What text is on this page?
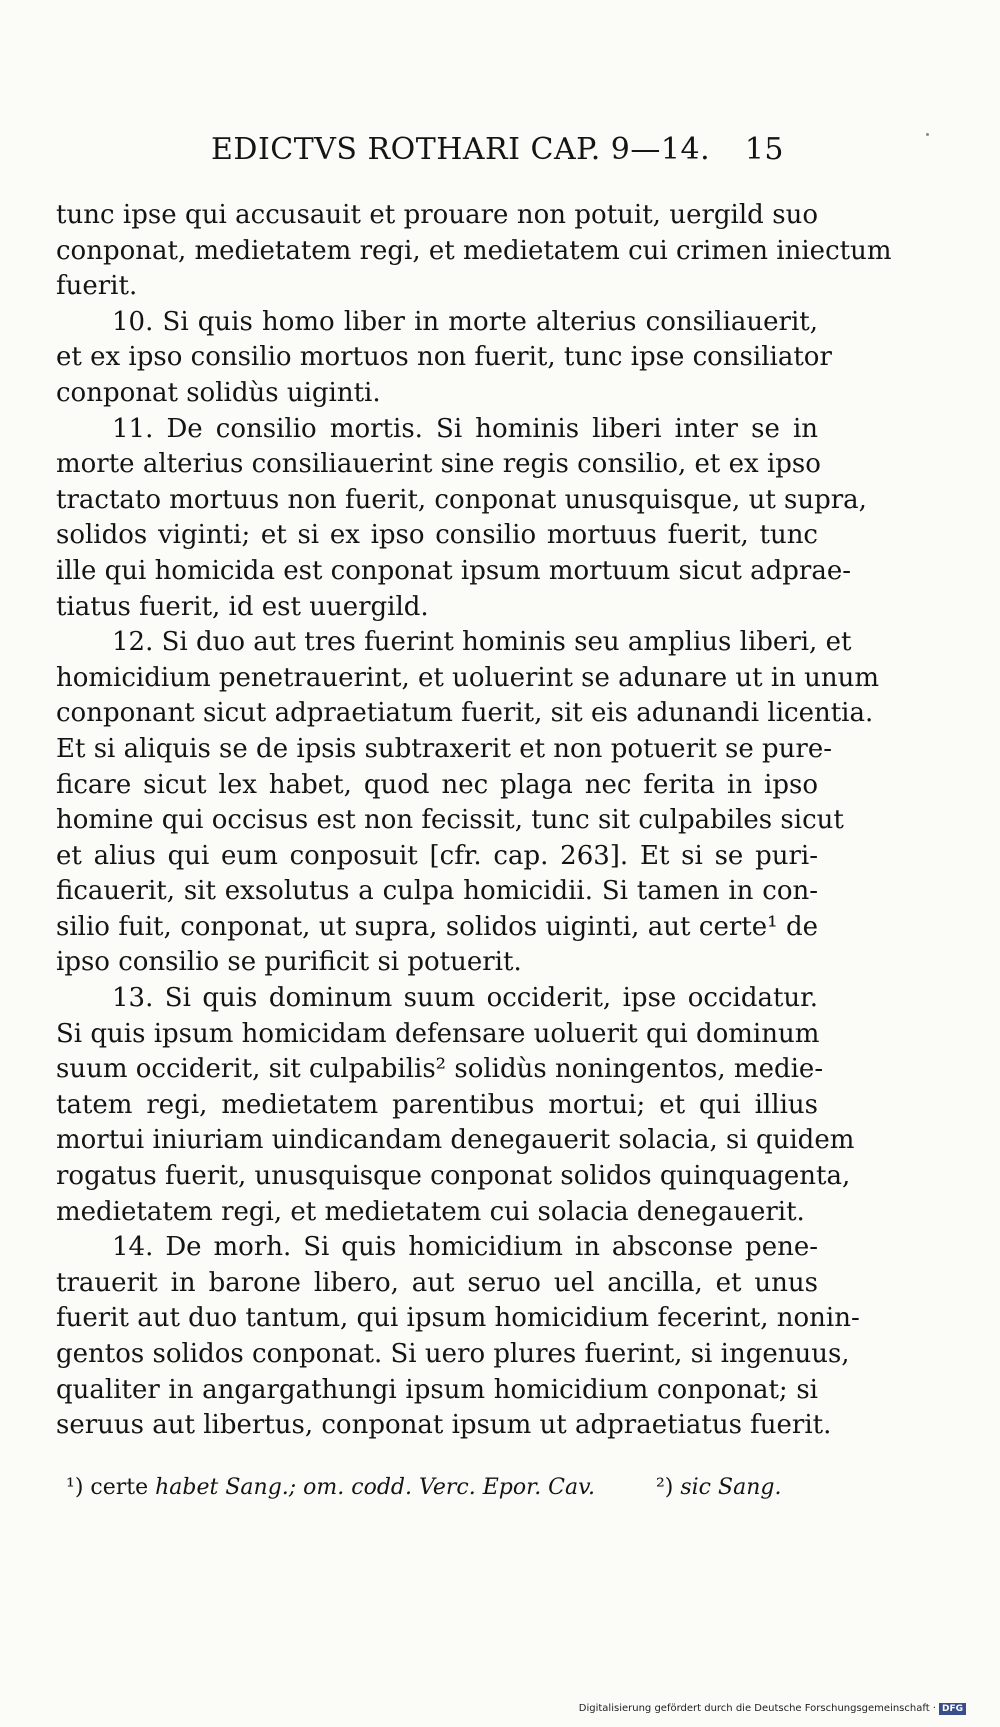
EDICTVS ROTHARI CAP. 9—14. 15
tunc ipse qui accusauit et prouare non potuit, uergild suo
conponat, medietatem regi, et medietatem cui crimen iniectum
fuerit.
10. Si quis homo liber in morte alterius consiliauerit,
et ex ipso consilio mortuos non fuerit, tunc ipse consiliator
conponat solidùs uiginti.
11. De consilio mortis. Si hominis liberi inter se in
morte alterius consiliauerint sine regis consilio, et ex ipso
tractato mortuus non fuerit, conponat unusquisque, ut supra,
solidos viginti; et si ex ipso consilio mortuus fuerit, tunc
ille qui homicida est conponat ipsum mortuum sicut adprae-
tiatus fuerit, id est uuergild.
12. Si duo aut tres fuerint hominis seu amplius liberi, et
homicidium penetrauerint, et uoluerint se adunare ut in unum
conponant sicut adpraetiatum fuerit, sit eis adunandi licentia.
Et si aliquis se de ipsis subtraxerit et non potuerit se pure-
ficare sicut lex habet, quod nec plaga nec ferita in ipso
homine qui occisus est non fecissit, tunc sit culpabiles sicut
et alius qui eum conposuit [cfr. cap. 263]. Et si se puri-
ficauerit, sit exsolutus a culpa homicidii. Si tamen in con-
silio fuit, conponat, ut supra, solidos uiginti, aut certe¹ de
ipso consilio se purificit si potuerit.
13. Si quis dominum suum occiderit, ipse occidatur.
Si quis ipsum homicidam defensare uoluerit qui dominum
suum occiderit, sit culpabilis² solidùs noningentos, medie-
tatem regi, medietatem parentibus mortui; et qui illius
mortui iniuriam uindicandam denegauerit solacia, si quidem
rogatus fuerit, unusquisque conponat solidos quinquagenta,
medietatem regi, et medietatem cui solacia denegauerit.
14. De morh. Si quis homicidium in absconse pene-
trauerit in barone libero, aut seruo uel ancilla, et unus
fuerit aut duo tantum, qui ipsum homicidium fecerint, nonin-
gentos solidos conponat. Si uero plures fuerint, si ingenuus,
qualiter in angargathungi ipsum homicidium conponat; si
seruus aut libertus, conponat ipsum ut adpraetiatus fuerit.
¹) certe habet Sang.; om. codd. Verc. Epor. Cav.	²) sic Sang.
Digitalisierung gefördert durch die Deutsche Forschungsgemeinschaft · DFG
